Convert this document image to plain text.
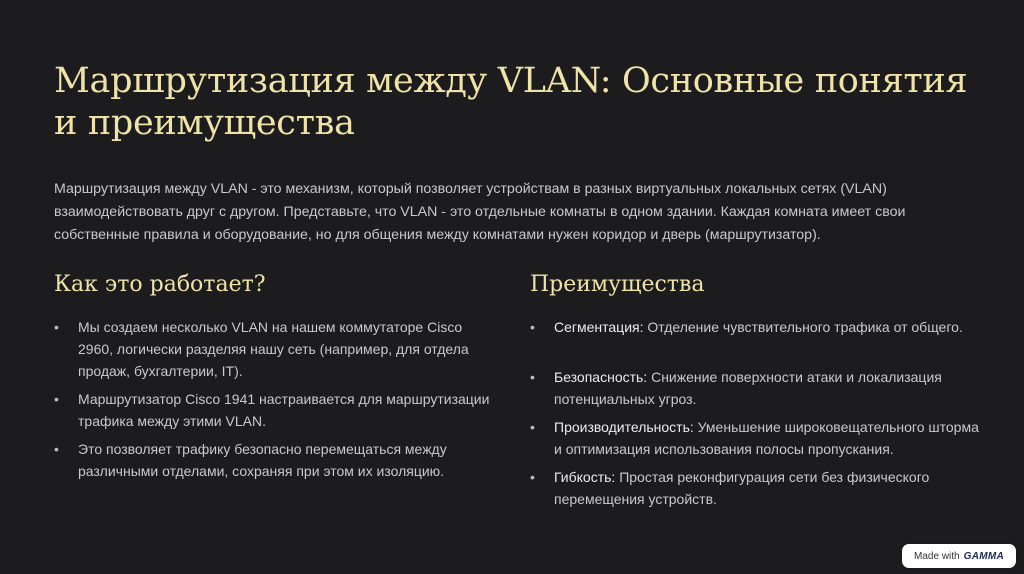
Маршрутизация между VLAN: Основные понятия и преимущества

Маршрутизация между VLAN - это механизм, который позволяет устройствам в разных виртуальных локальных сетях (VLAN) взаимодействовать друг с другом. Представьте, что VLAN - это отдельные комнаты в одном здании. Каждая комната имеет свои собственные правила и оборудование, но для общения между комнатами нужен коридор и дверь (маршрутизатор).

Как это работает?
• Мы создаем несколько VLAN на нашем коммутаторе Cisco 2960, логически разделяя нашу сеть (например, для отдела продаж, бухгалтерии, IT).
• Маршрутизатор Cisco 1941 настраивается для маршрутизации трафика между этими VLAN.
• Это позволяет трафику безопасно перемещаться между различными отделами, сохраняя при этом их изоляцию.
Преимущества
• Сегментация: Отделение чувствительного трафика от общего.
• Безопасность: Снижение поверхности атаки и локализация потенциальных угроз.
• Производительность: Уменьшение широковещательного шторма и оптимизация использования полосы пропускания.
• Гибкость: Простая реконфигурация сети без физического перемещения устройств.
Made with GAMMA
